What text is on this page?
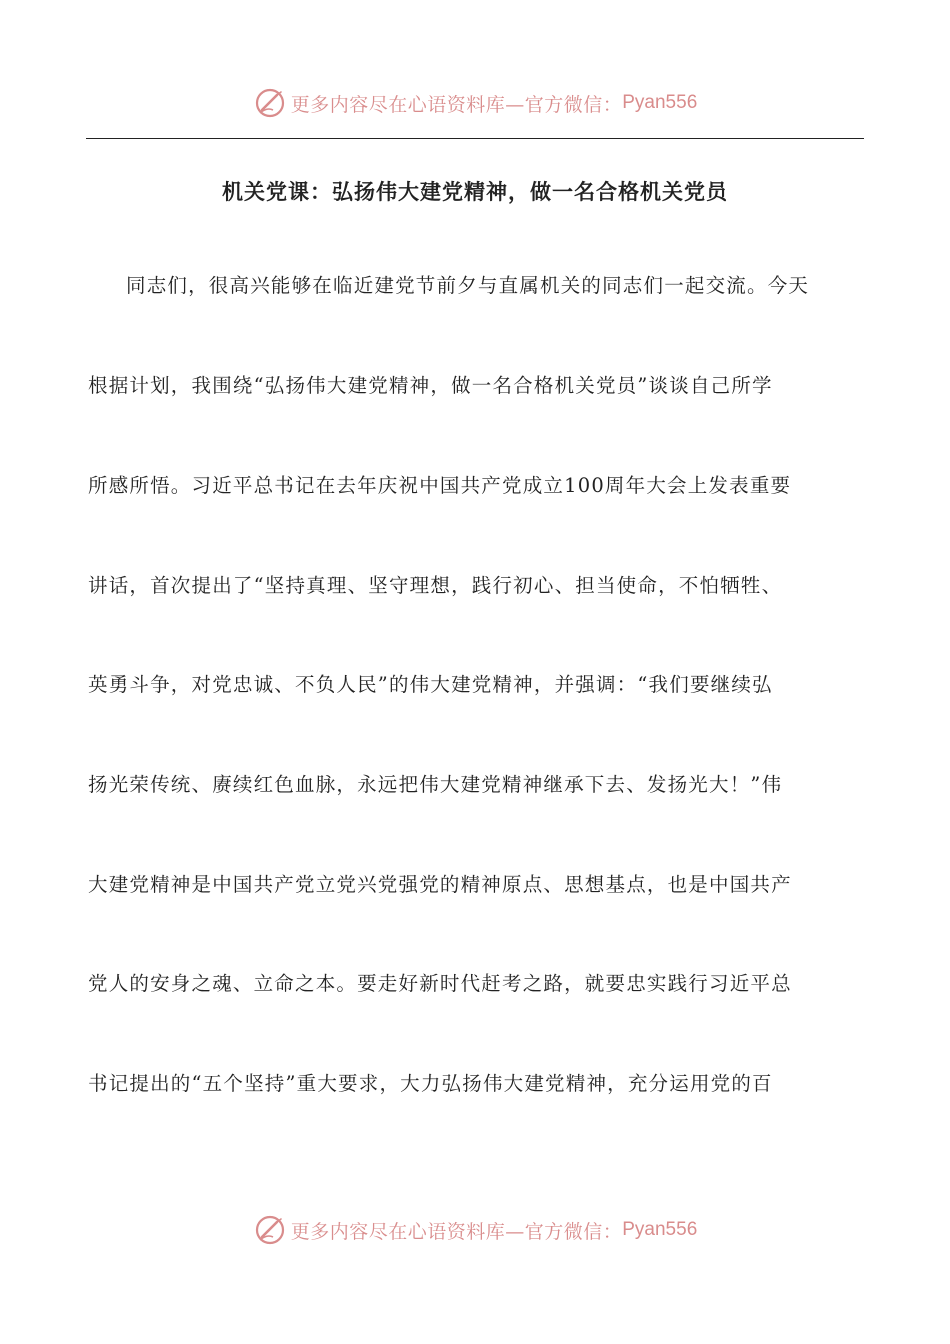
更多内容尽在心语资料库—官方微信： Pyan556
机关党课：弘扬伟大建党精神，做一名合格机关党员
同志们，很高兴能够在临近建党节前夕与直属机关的同志们一起交流。今天
根据计划，我围绕“弘扬伟大建党精神，做一名合格机关党员”谈谈自己所学
所感所悟。习近平总书记在去年庆祝中国共产党成立100周年大会上发表重要
讲话，首次提出了“坚持真理、坚守理想，践行初心、担当使命，不怕牺牲、
英勇斗争，对党忠诚、不负人民”的伟大建党精神，并强调：“我们要继续弘
扬光荣传统、赓续红色血脉，永远把伟大建党精神继承下去、发扬光大！”伟
大建党精神是中国共产党立党兴党强党的精神原点、思想基点，也是中国共产
党人的安身之魂、立命之本。要走好新时代赶考之路，就要忠实践行习近平总
书记提出的“五个坚持”重大要求，大力弘扬伟大建党精神，充分运用党的百
更多内容尽在心语资料库—官方微信： Pyan556
